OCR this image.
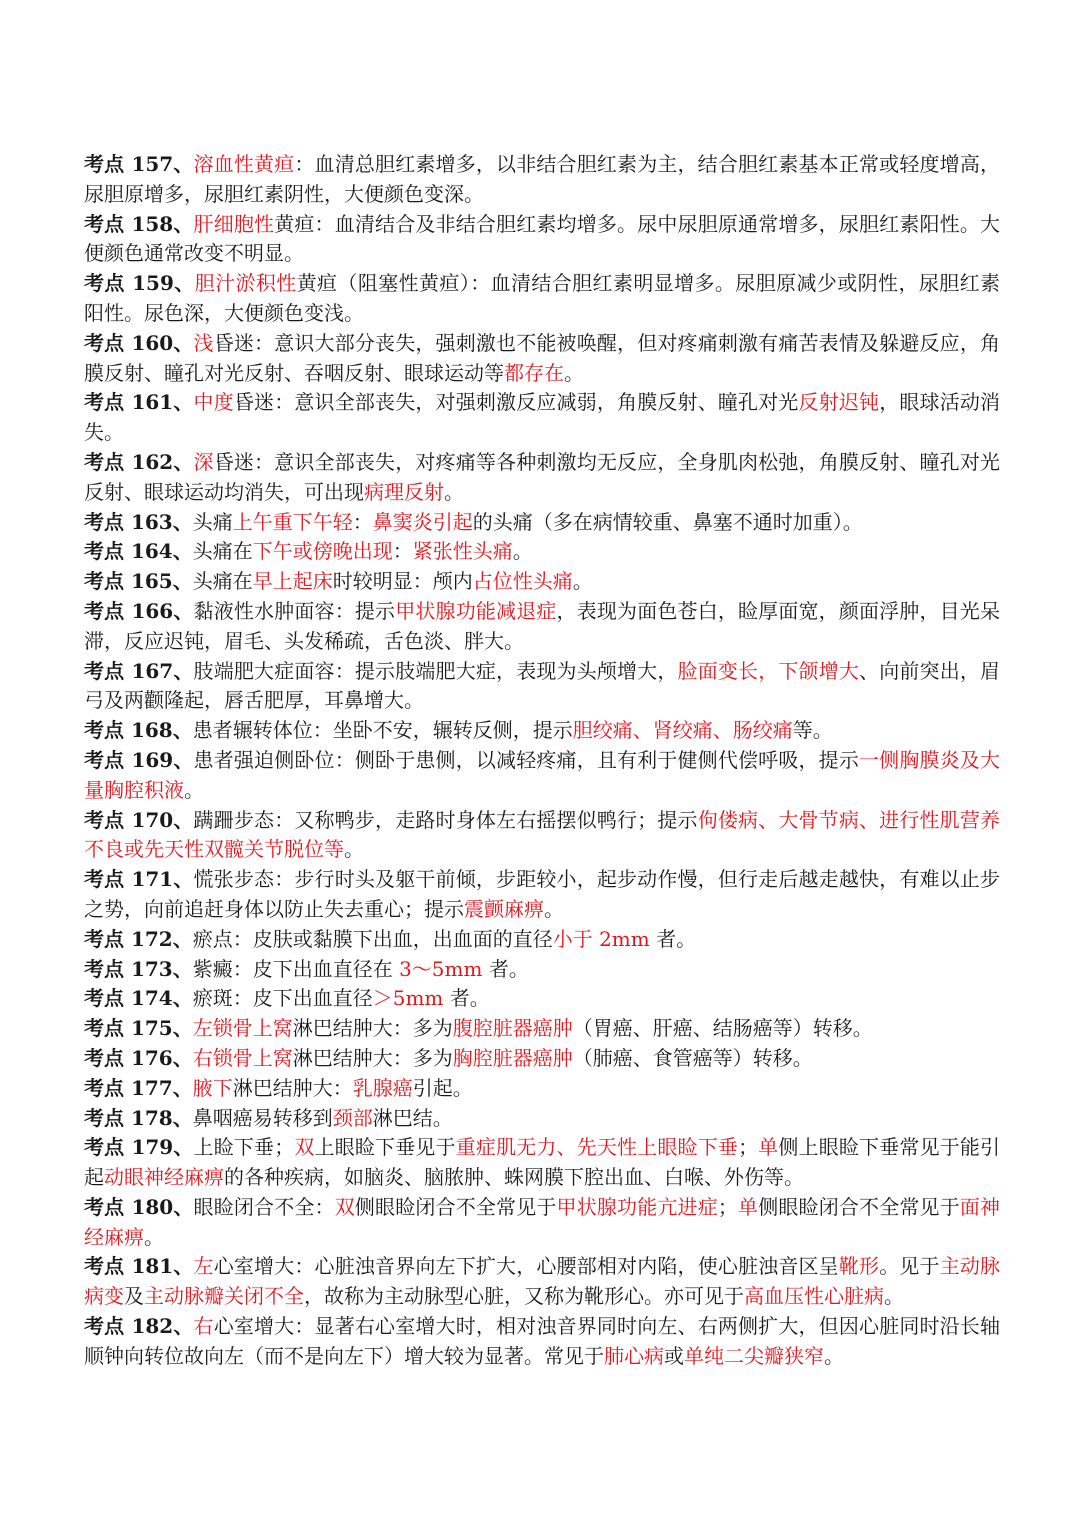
考点 157、溶血性黄疸：血清总胆红素增多，以非结合胆红素为主，结合胆红素基本正常或轻度增高，尿胆原增多，尿胆红素阴性，大便颜色变深。

考点 158、肝细胞性黄疸：血清结合及非结合胆红素均增多。尿中尿胆原通常增多，尿胆红素阳性。大便颜色通常改变不明显。

考点 159、胆汁淤积性黄疸（阻塞性黄疸）：血清结合胆红素明显增多。尿胆原减少或阴性，尿胆红素阳性。尿色深，大便颜色变浅。

考点 160、浅昏迷：意识大部分丧失，强刺激也不能被唤醒，但对疼痛刺激有痛苦表情及躲避反应，角膜反射、瞳孔对光反射、吞咽反射、眼球运动等都存在。

考点 161、中度昏迷：意识全部丧失，对强刺激反应减弱，角膜反射、瞳孔对光反射迟钝，眼球活动消失。

考点 162、深昏迷：意识全部丧失，对疼痛等各种刺激均无反应，全身肌肉松弛，角膜反射、瞳孔对光反射、眼球运动均消失，可出现病理反射。

考点 163、头痛上午重下午轻：鼻窦炎引起的头痛（多在病情较重、鼻塞不通时加重）。

考点 164、头痛在下午或傍晚出现：紧张性头痛。

考点 165、头痛在早上起床时较明显：颅内占位性头痛。

考点 166、黏液性水肿面容：提示甲状腺功能减退症，表现为面色苍白，睑厚面宽，颜面浮肿，目光呆滞，反应迟钝，眉毛、头发稀疏，舌色淡、胖大。

考点 167、肢端肥大症面容：提示肢端肥大症，表现为头颅增大，脸面变长，下颌增大、向前突出，眉弓及两颧隆起，唇舌肥厚，耳鼻增大。

考点 168、患者辗转体位：坐卧不安，辗转反侧，提示胆绞痛、肾绞痛、肠绞痛等。

考点 169、患者强迫侧卧位：侧卧于患侧，以减轻疼痛，且有利于健侧代偿呼吸，提示一侧胸膜炎及大量胸腔积液。

考点 170、蹒跚步态：又称鸭步，走路时身体左右摇摆似鸭行；提示佝偻病、大骨节病、进行性肌营养不良或先天性双髋关节脱位等。

考点 171、慌张步态：步行时头及躯干前倾，步距较小，起步动作慢，但行走后越走越快，有难以止步之势，向前追赶身体以防止失去重心；提示震颤麻痹。

考点 172、瘀点：皮肤或黏膜下出血，出血面的直径小于 2mm 者。

考点 173、紫癜：皮下出血直径在 3～5mm 者。

考点 174、瘀斑：皮下出血直径＞5mm 者。

考点 175、左锁骨上窝淋巴结肿大：多为腹腔脏器癌肿（胃癌、肝癌、结肠癌等）转移。

考点 176、右锁骨上窝淋巴结肿大：多为胸腔脏器癌肿（肺癌、食管癌等）转移。

考点 177、腋下淋巴结肿大：乳腺癌引起。

考点 178、鼻咽癌易转移到颈部淋巴结。

考点 179、上睑下垂；双上眼睑下垂见于重症肌无力、先天性上眼睑下垂；单侧上眼睑下垂常见于能引起动眼神经麻痹的各种疾病，如脑炎、脑脓肿、蛛网膜下腔出血、白喉、外伤等。

考点 180、眼睑闭合不全：双侧眼睑闭合不全常见于甲状腺功能亢进症；单侧眼睑闭合不全常见于面神经麻痹。

考点 181、左心室增大：心脏浊音界向左下扩大，心腰部相对内陷，使心脏浊音区呈靴形。见于主动脉病变及主动脉瓣关闭不全，故称为主动脉型心脏，又称为靴形心。亦可见于高血压性心脏病。

考点 182、右心室增大：显著右心室增大时，相对浊音界同时向左、右两侧扩大，但因心脏同时沿长轴顺钟向转位故向左（而不是向左下）增大较为显著。常见于肺心病或单纯二尖瓣狭窄。
